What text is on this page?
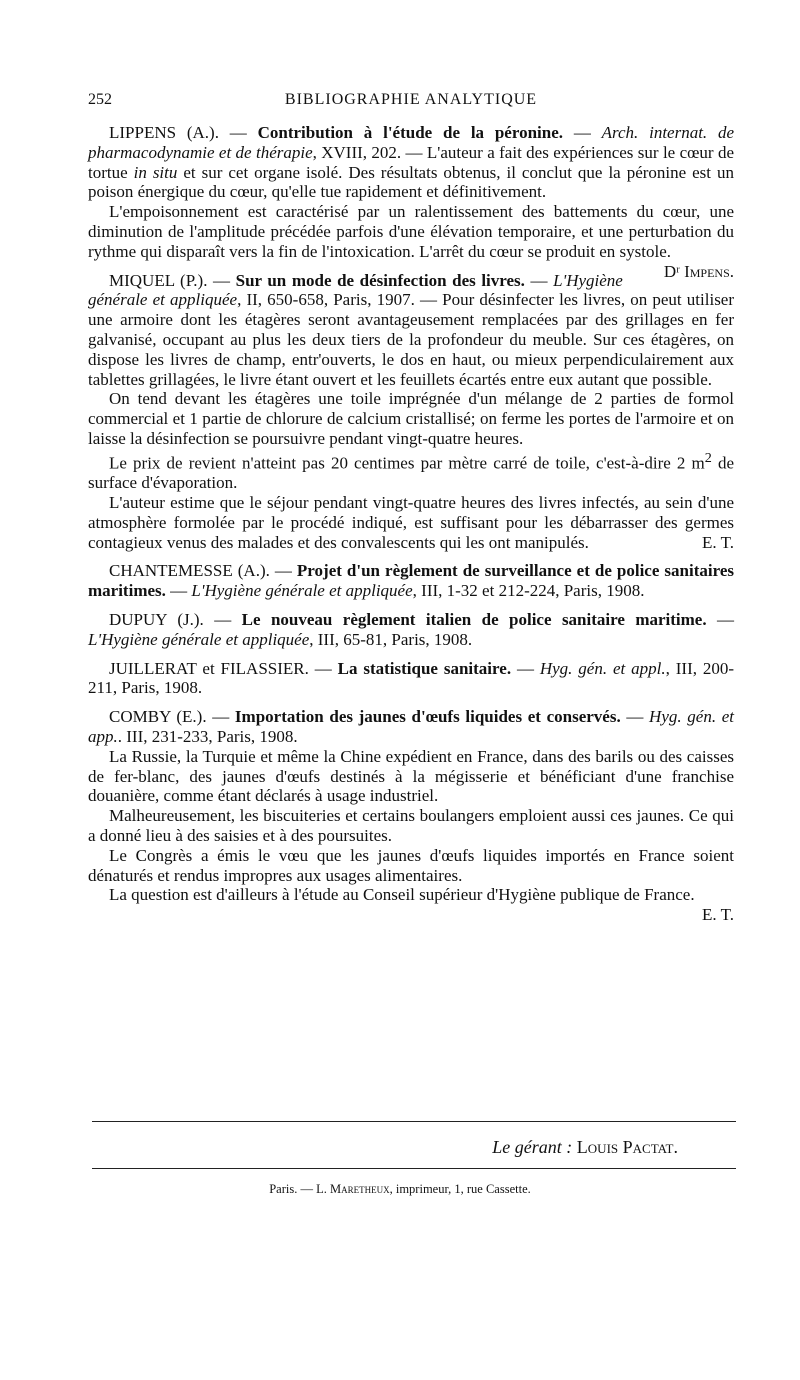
252	BIBLIOGRAPHIE ANALYTIQUE

LIPPENS (A.). — Contribution à l'étude de la péronine. — Arch. internat. de pharmacodynamie et de thérapie, XVIII, 202. — L'auteur a fait des expériences sur le cœur de tortue in situ et sur cet organe isolé. Des résultats obtenus, il conclut que la péronine est un poison énergique du cœur, qu'elle tue rapidement et définitivement.

L'empoisonnement est caractérisé par un ralentissement des battements du cœur, une diminution de l'amplitude précédée parfois d'une élévation temporaire, et une perturbation du rythme qui disparaît vers la fin de l'intoxication. L'arrêt du cœur se produit en systole.
Dʳ Impens.

MIQUEL (P.). — Sur un mode de désinfection des livres. — L'Hygiène générale et appliquée, II, 650-658, Paris, 1907. — Pour désinfecter les livres, on peut utiliser une armoire dont les étagères seront avantageusement remplacées par des grillages en fer galvanisé, occupant au plus les deux tiers de la profondeur du meuble. Sur ces étagères, on dispose les livres de champ, entr'ouverts, le dos en haut, ou mieux perpendiculairement aux tablettes grillagées, le livre étant ouvert et les feuillets écartés entre eux autant que possible.

On tend devant les étagères une toile imprégnée d'un mélange de 2 parties de formol commercial et 1 partie de chlorure de calcium cristallisé; on ferme les portes de l'armoire et on laisse la désinfection se poursuivre pendant vingt-quatre heures.

Le prix de revient n'atteint pas 20 centimes par mètre carré de toile, c'est-à-dire 2 $m^2$ de surface d'évaporation.

L'auteur estime que le séjour pendant vingt-quatre heures des livres infectés, au sein d'une atmosphère formolée par le procédé indiqué, est suffisant pour les débarrasser des germes contagieux venus des malades et des convalescents qui les ont manipulés.	E. T.

CHANTEMESSE (A.). — Projet d'un règlement de surveillance et de police sanitaires maritimes. — L'Hygiène générale et appliquée, III, 1-32 et 212-224, Paris, 1908.

DUPUY (J.). — Le nouveau règlement italien de police sanitaire maritime. — L'Hygiène générale et appliquée, III, 65-81, Paris, 1908.

JUILLERAT et FILASSIER. — La statistique sanitaire. — Hyg. gén. et appl., III, 200-211, Paris, 1908.

COMBY (E.). — Importation des jaunes d'œufs liquides et conservés. — Hyg. gén. et app.. III, 231-233, Paris, 1908.

La Russie, la Turquie et même la Chine expédient en France, dans des barils ou des caisses de fer-blanc, des jaunes d'œufs destinés à la mégisserie et bénéficiant d'une franchise douanière, comme étant déclarés à usage industriel.

Malheureusement, les biscuiteries et certains boulangers emploient aussi ces jaunes. Ce qui a donné lieu à des saisies et à des poursuites.

Le Congrès a émis le vœu que les jaunes d'œufs liquides importés en France soient dénaturés et rendus impropres aux usages alimentaires.

La question est d'ailleurs à l'étude au Conseil supérieur d'Hygiène publique de France.
E. T.

Le gérant : Louis Pactat.
Paris. — L. Maretheux, imprimeur, 1, rue Cassette.
